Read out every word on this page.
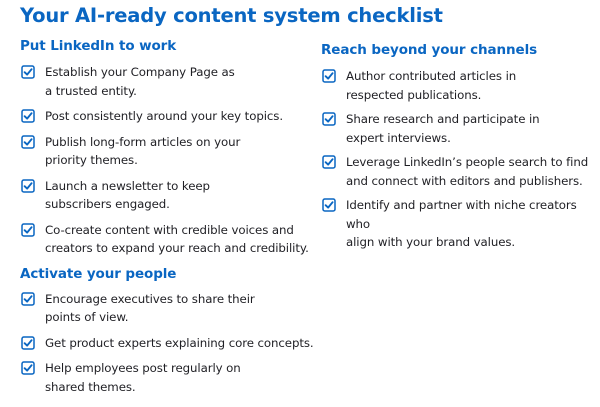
Your AI-ready content system checklist
Put LinkedIn to work
Establish your Company Page as
a trusted entity.
Post consistently around your key topics.
Publish long-form articles on your
priority themes.
Launch a newsletter to keep
subscribers engaged.
Co-create content with credible voices and
creators to expand your reach and credibility.
Activate your people
Encourage executives to share their
points of view.
Get product experts explaining core concepts.
Help employees post regularly on
shared themes.
Reach beyond your channels
Author contributed articles in
respected publications.
Share research and participate in
expert interviews.
Leverage LinkedIn’s people search to find
and connect with editors and publishers.
Identify and partner with niche creators who
align with your brand values.
